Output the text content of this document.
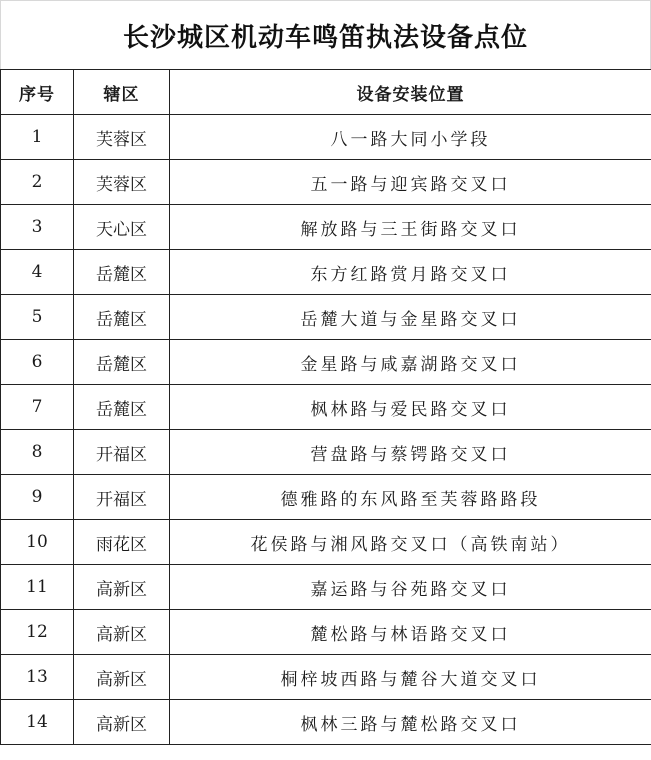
长沙城区机动车鸣笛执法设备点位
序号	辖区	设备安装位置
1	芙蓉区	八一路大同小学段
2	芙蓉区	五一路与迎宾路交叉口
3	天心区	解放路与三王街路交叉口
4	岳麓区	东方红路赏月路交叉口
5	岳麓区	岳麓大道与金星路交叉口
6	岳麓区	金星路与咸嘉湖路交叉口
7	岳麓区	枫林路与爱民路交叉口
8	开福区	营盘路与蔡锷路交叉口
9	开福区	德雅路的东风路至芙蓉路路段
10	雨花区	花侯路与湘风路交叉口（高铁南站）
11	高新区	嘉运路与谷苑路交叉口
12	高新区	麓松路与林语路交叉口
13	高新区	桐梓坡西路与麓谷大道交叉口
14	高新区	枫林三路与麓松路交叉口
